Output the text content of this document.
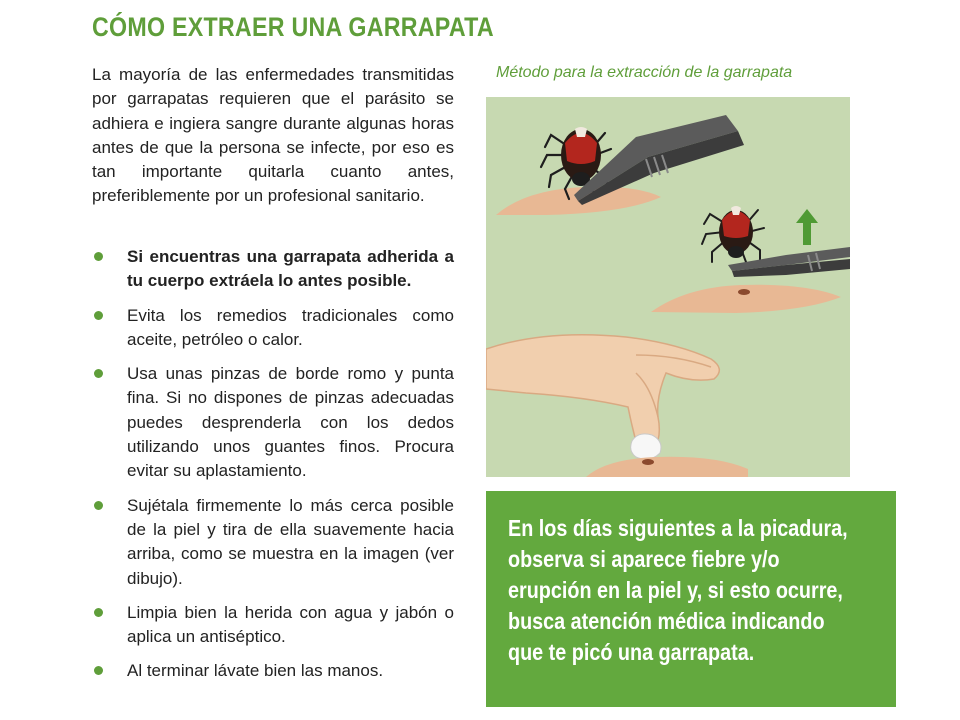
CÓMO EXTRAER UNA GARRAPATA

La mayoría de las enfermedades transmitidas por garrapatas requieren que el parásito se adhiera e ingiera sangre durante algunas horas antes de que la persona se infecte, por eso es tan importante quitarla cuanto antes, preferiblemente por un profesional sanitario.

Si encuentras una garrapata adherida a tu cuerpo extráela lo antes posible.
Evita los remedios tradicionales como aceite, petróleo o calor.
Usa unas pinzas de borde romo y punta fina. Si no dispones de pinzas adecuadas puedes desprenderla con los dedos utilizando unos guantes finos. Procura evitar su aplastamiento.
Sujétala firmemente lo más cerca posible de la piel y tira de ella suavemente hacia arriba, como se muestra en la imagen (ver dibujo).
Limpia bien la herida con agua y jabón o aplica un antiséptico.
Al terminar lávate bien las manos.
Método para la extracción de la garrapata

En los días siguientes a la picadura, observa si aparece fiebre y/o erupción en la piel y, si esto ocurre, busca atención médica indicando que te picó una garrapata.
